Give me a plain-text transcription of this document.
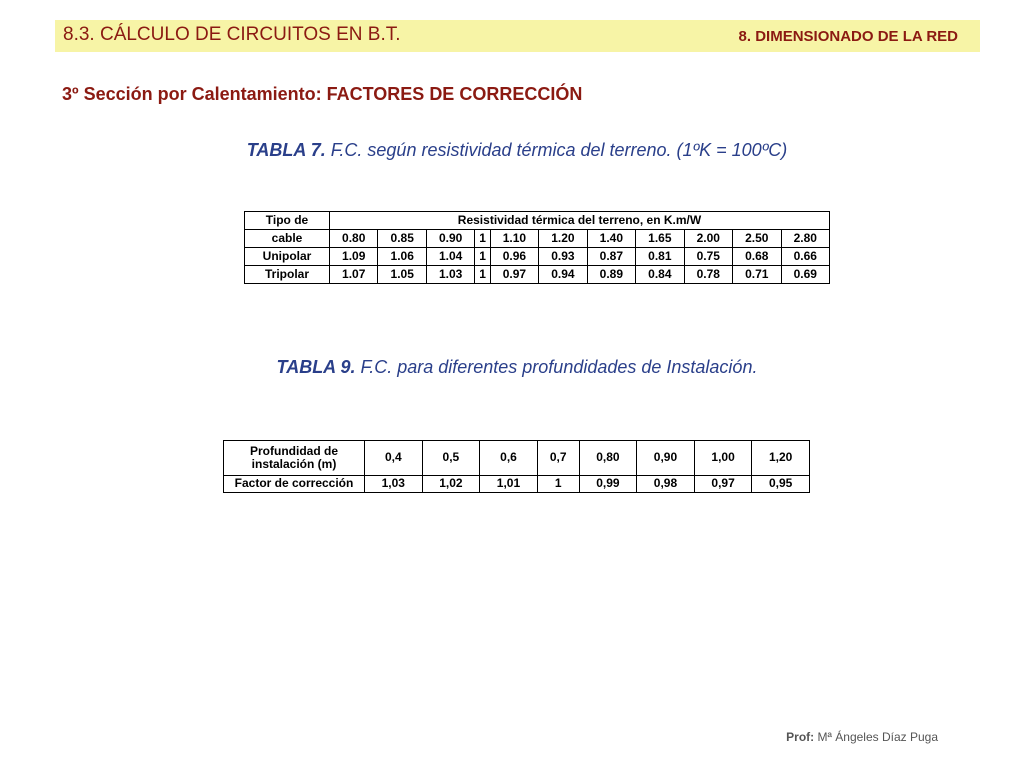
8.3. CÁLCULO DE CIRCUITOS EN B.T.	8. DIMENSIONADO DE LA RED
3º Sección por Calentamiento: FACTORES DE CORRECCIÓN
TABLA 7. F.C. según resistividad térmica del terreno. (1ºK = 100ºC)
Tipo de	Resistividad térmica del terreno, en K.m/W										
cable	0.80	0.85	0.90	1	1.10	1.20	1.40	1.65	2.00	2.50	2.80
Unipolar	1.09	1.06	1.04	1	0.96	0.93	0.87	0.81	0.75	0.68	0.66
Tripolar	1.07	1.05	1.03	1	0.97	0.94	0.89	0.84	0.78	0.71	0.69
TABLA 9. F.C. para diferentes profundidades de Instalación.
Profundidad de
instalación (m)	0,4	0,5	0,6	0,7	0,80	0,90	1,00	1,20
Factor de corrección	1,03	1,02	1,01	1	0,99	0,98	0,97	0,95
Prof: Mª Ángeles Díaz Puga
